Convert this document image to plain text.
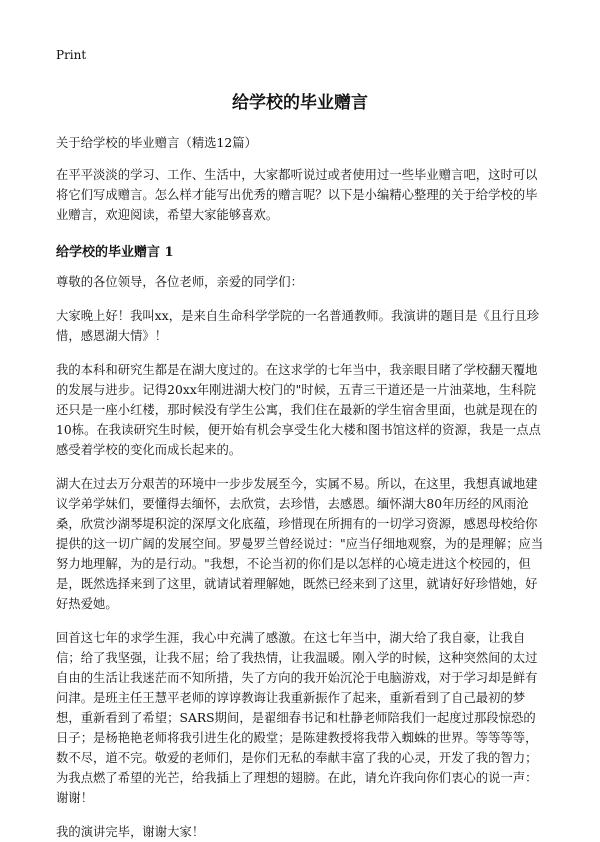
Print
给学校的毕业赠言

关于给学校的毕业赠言（精选12篇）

在平平淡淡的学习、工作、生活中，大家都听说过或者使用过一些毕业赠言吧，这时可以将它们写成赠言。怎么样才能写出优秀的赠言呢？以下是小编精心整理的关于给学校的毕业赠言，欢迎阅读，希望大家能够喜欢。

给学校的毕业赠言 1

尊敬的各位领导，各位老师，亲爱的同学们：

大家晚上好！我叫xx，是来自生命科学学院的一名普通教师。我演讲的题目是《且行且珍惜，感恩湖大情》！

我的本科和研究生都是在湖大度过的。在这求学的七年当中，我亲眼目睹了学校翻天覆地的发展与进步。记得20xx年刚进湖大校门的"时候，五青三干道还是一片油菜地，生科院还只是一座小红楼，那时候没有学生公寓，我们住在最新的学生宿舍里面，也就是现在的10栋。在我读研究生时候，便开始有机会享受生化大楼和图书馆这样的资源，我是一点点感受着学校的变化而成长起来的。

湖大在过去万分艰苦的环境中一步步发展至今，实属不易。所以，在这里，我想真诚地建议学弟学妹们，要懂得去缅怀，去欣赏，去珍惜，去感恩。缅怀湖大80年历经的风雨沧桑，欣赏沙湖琴堤积淀的深厚文化底蕴，珍惜现在所拥有的一切学习资源，感恩母校给你提供的这一切广阔的发展空间。罗曼罗兰曾经说过："应当仔细地观察，为的是理解；应当努力地理解，为的是行动。"我想，不论当初的你们是以怎样的心境走进这个校园的，但是，既然选择来到了这里，就请试着理解她，既然已经来到了这里，就请好好珍惜她，好好热爱她。

回首这七年的求学生涯，我心中充满了感激。在这七年当中，湖大给了我自豪，让我自信；给了我坚强，让我不屈；给了我热情，让我温暖。刚入学的时候，这种突然间的太过自由的生活让我迷茫而不知所措，失了方向的我开始沉沦于电脑游戏，对于学习却是鲜有问津。是班主任王慧平老师的谆谆教诲让我重新振作了起来，重新看到了自己最初的梦想，重新看到了希望；SARS期间，是翟细春书记和杜静老师陪我们一起度过那段惊恐的日子；是杨艳艳老师将我引进生化的殿堂；是陈建教授将我带入蜘蛛的世界。等等等等，数不尽，道不完。敬爱的老师们，是你们无私的奉献丰富了我的心灵，开发了我的智力；为我点燃了希望的光芒，给我插上了理想的翅膀。在此，请允许我向你们衷心的说一声：谢谢！

我的演讲完毕，谢谢大家！
